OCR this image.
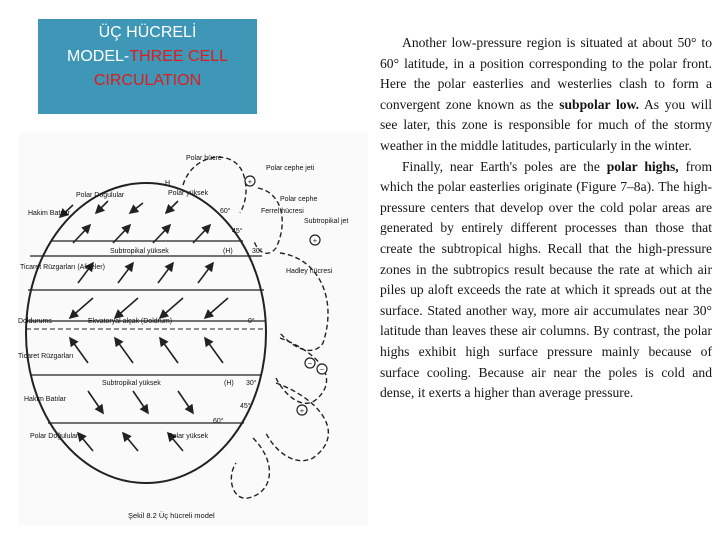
ÜÇ HÜCRELİ
MODEL-THREE CELL
CIRCULATION
+
+
−
−
+
Polar hücre
Polar cephe jeti
Polar Doğulular	Polar yüksek
H
Polar cephe
Ferrel hücresi
60°
45°
Hakim Batılar
Subtropikal jet
Subtropikal yüksek	(H)	30°
Ticaret Rüzgarları (Alizeler)
Hadley hücresi
Doldurums	Ekvatoryal alçak (Doldrum)	0°
Ticaret Rüzgarları
Subtropikal yüksek	(H) 30°
Hakim Batılar
45°
60°
Polar Doğulular	Polar yüksek
Şekil 8.2 Üç hücreli model

Another low-pressure region is situated at about 50° to 60° latitude, in a position corresponding to the polar front. Here the polar easterlies and westerlies clash to form a convergent zone known as the subpolar low. As you will see later, this zone is responsible for much of the stormy weather in the middle latitudes, particularly in the winter.

Finally, near Earth's poles are the polar highs, from which the polar easterlies originate (Figure 7–8a). The high-pressure centers that develop over the cold polar areas are generated by entirely different processes than those that create the subtropical highs. Recall that the high-pressure zones in the subtropics result because the rate at which air piles up aloft exceeds the rate at which it spreads out at the surface. Stated another way, more air accumulates near 30° latitude than leaves these air columns. By contrast, the polar highs exhibit high surface pressure mainly because of surface cooling. Because air near the poles is cold and dense, it exerts a higher than average pressure.
